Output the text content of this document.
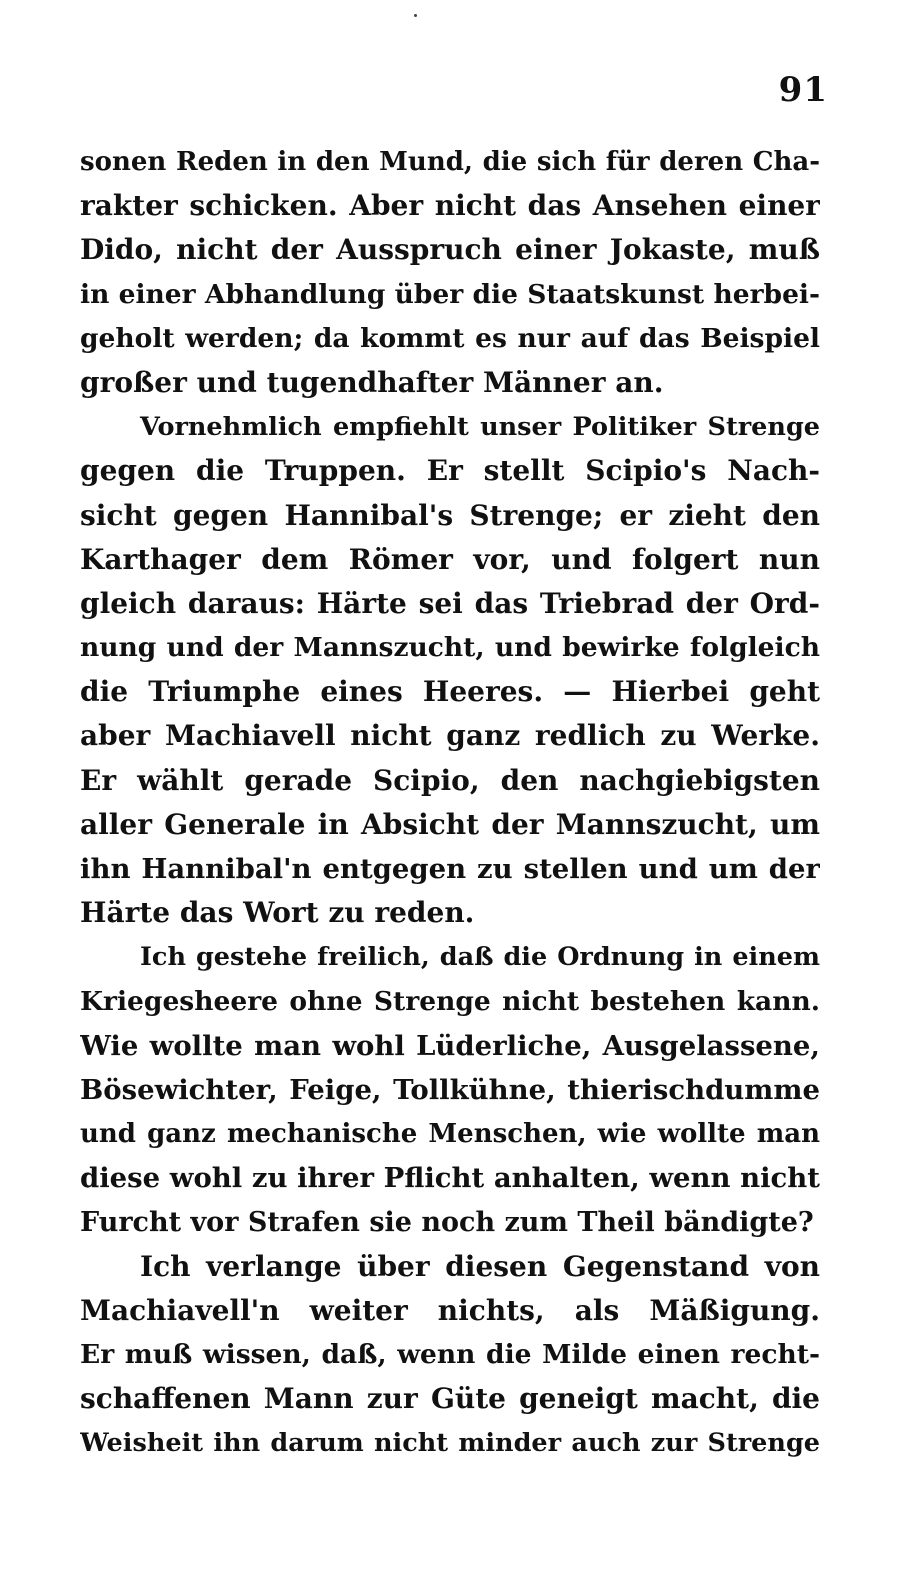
91
sonen Reden in den Mund, die sich für deren Cha-
rakter schicken. Aber nicht das Ansehen einer
Dido, nicht der Ausspruch einer Jokaste, muß
in einer Abhandlung über die Staatskunst herbei-
geholt werden; da kommt es nur auf das Beispiel
großer und tugendhafter Männer an.
Vornehmlich empfiehlt unser Politiker Strenge
gegen die Truppen. Er stellt Scipio's Nach-
sicht gegen Hannibal's Strenge; er zieht den
Karthager dem Römer vor, und folgert nun
gleich daraus: Härte sei das Triebrad der Ord-
nung und der Mannszucht, und bewirke folgleich
die Triumphe eines Heeres. — Hierbei geht
aber Machiavell nicht ganz redlich zu Werke.
Er wählt gerade Scipio, den nachgiebigsten
aller Generale in Absicht der Mannszucht, um
ihn Hannibal'n entgegen zu stellen und um der
Härte das Wort zu reden.
Ich gestehe freilich, daß die Ordnung in einem
Kriegesheere ohne Strenge nicht bestehen kann.
Wie wollte man wohl Lüderliche, Ausgelassene,
Bösewichter, Feige, Tollkühne, thierischdumme
und ganz mechanische Menschen, wie wollte man
diese wohl zu ihrer Pflicht anhalten, wenn nicht
Furcht vor Strafen sie noch zum Theil bändigte?
Ich verlange über diesen Gegenstand von
Machiavell'n weiter nichts, als Mäßigung.
Er muß wissen, daß, wenn die Milde einen recht-
schaffenen Mann zur Güte geneigt macht, die
Weisheit ihn darum nicht minder auch zur Strenge
